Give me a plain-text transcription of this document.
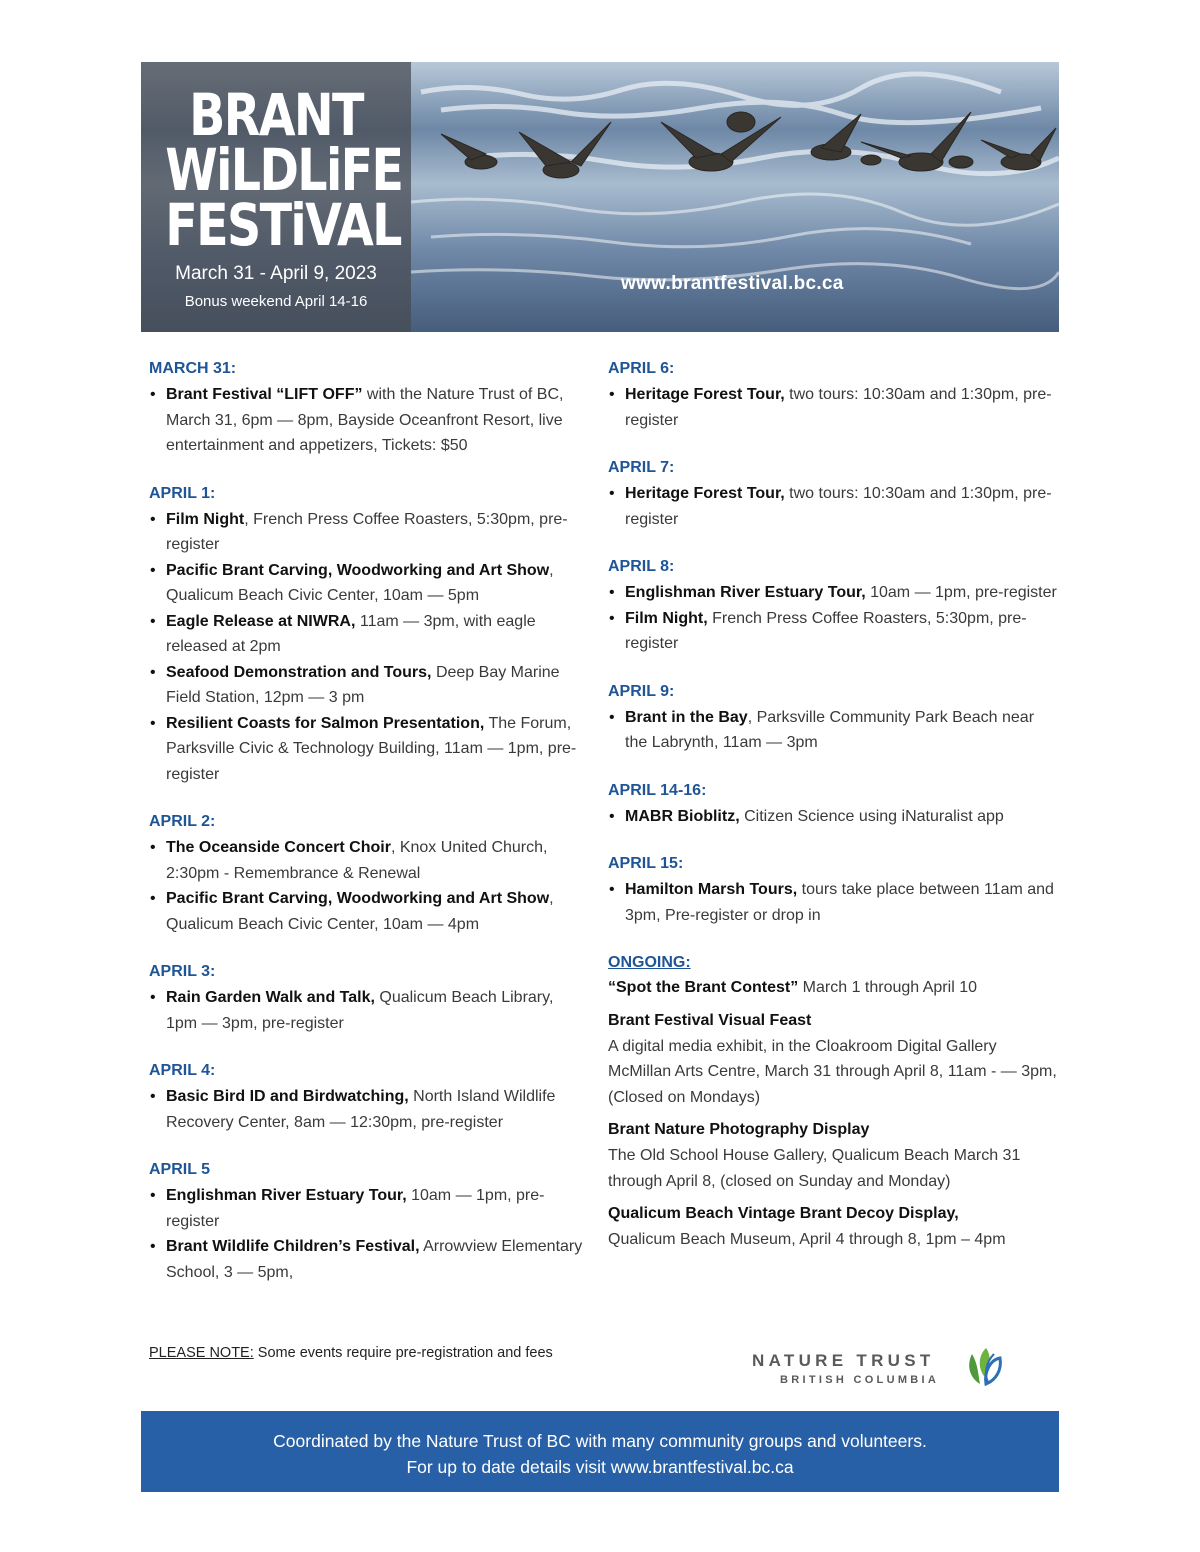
BRANT
WiLDLiFE
FESTiVAL
March 31 - April 9, 2023
Bonus weekend April 14-16
www.brantfestival.bc.ca
MARCH 31:
• Brant Festival “LIFT OFF” with the Nature Trust of BC, March 31, 6pm — 8pm, Bayside Oceanfront Resort, live entertainment and appetizers, Tickets: $50
APRIL 1:
• Film Night, French Press Coffee Roasters, 5:30pm, pre-register
• Pacific Brant Carving, Woodworking and Art Show, Qualicum Beach Civic Center, 10am — 5pm
• Eagle Release at NIWRA, 11am — 3pm, with eagle released at 2pm
• Seafood Demonstration and Tours, Deep Bay Marine Field Station, 12pm — 3 pm
• Resilient Coasts for Salmon Presentation, The Forum, Parksville Civic & Technology Building, 11am — 1pm, pre-register
APRIL 2:
• The Oceanside Concert Choir, Knox United Church, 2:30pm - Remembrance & Renewal
• Pacific Brant Carving, Woodworking and Art Show, Qualicum Beach Civic Center, 10am — 4pm
APRIL 3:
• Rain Garden Walk and Talk, Qualicum Beach Library, 1pm — 3pm, pre-register
APRIL 4:
• Basic Bird ID and Birdwatching, North Island Wildlife Recovery Center, 8am — 12:30pm, pre-register
APRIL 5
• Englishman River Estuary Tour, 10am — 1pm, pre-register
• Brant Wildlife Children’s Festival, Arrowview Elementary School, 3 — 5pm,
APRIL 6:
• Heritage Forest Tour, two tours: 10:30am and 1:30pm, pre-register
APRIL 7:
• Heritage Forest Tour, two tours: 10:30am and 1:30pm, pre-register
APRIL 8:
• Englishman River Estuary Tour, 10am — 1pm, pre-register
• Film Night, French Press Coffee Roasters, 5:30pm, pre-register
APRIL 9:
• Brant in the Bay, Parksville Community Park Beach near the Labrynth, 11am — 3pm
APRIL 14-16:
• MABR Bioblitz, Citizen Science using iNaturalist app
APRIL 15:
• Hamilton Marsh Tours, tours take place between 11am and 3pm, Pre-register or drop in
ONGOING:
“Spot the Brant Contest” March 1 through April 10
Brant Festival Visual Feast
A digital media exhibit, in the Cloakroom Digital Gallery McMillan Arts Centre, March 31 through April 8, 11am - — 3pm, (Closed on Mondays)
Brant Nature Photography Display
The Old School House Gallery, Qualicum Beach March 31 through April 8, (closed on Sunday and Monday)
Qualicum Beach Vintage Brant Decoy Display,
Qualicum Beach Museum, April 4 through 8, 1pm – 4pm
PLEASE NOTE: Some events require pre-registration and fees	NATURE TRUST
BRITISH COLUMBIA
Coordinated by the Nature Trust of BC with many community groups and volunteers.
For up to date details visit www.brantfestival.bc.ca
